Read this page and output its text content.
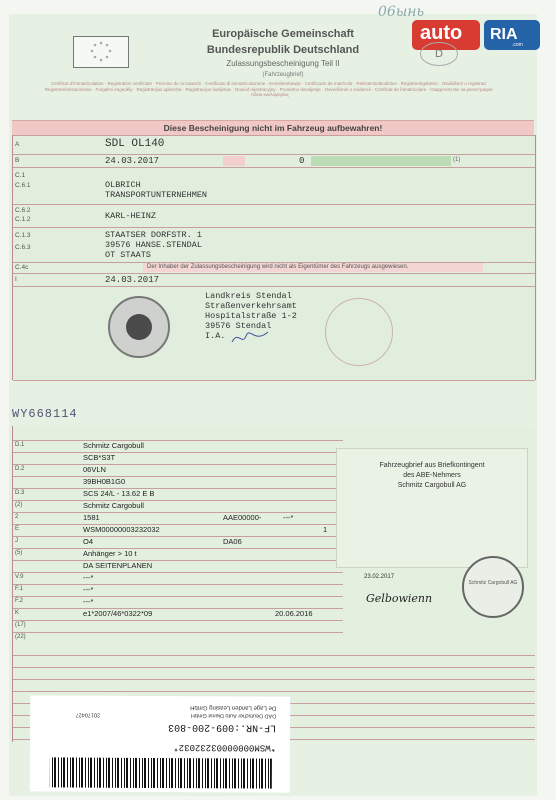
06ынь
auto RIA
.com
Europäische Gemeinschaft
Bundesrepublik Deutschland
Zulassungsbescheinigung Teil II
(Fahrzeugbrief)
D
Certificat d'immatriculation · Registration certificate · Permiso de circulación · Certificato di immatricolazione · Kentekenbewijs · Certificado de matrícula · Rekisteröintitodistus · Registreringsbevis · Osvědčení o registraci · Registreerimistunnistus · Forgalmi engedély · Reģistrācijas apliecība · Registracijos liudijimas · Dowód rejestracyjny · Prometno dovoljenje · Osvedčenie o evidencii · Certificat de înmatriculare · Свидетелство за регистрация · Άδεια κυκλοφορίας
Diese Bescheinigung nicht im Fahrzeug aufbewahren!
A	SDL OL140
B	24.03.2017	0	(1)
C.1
C.6.1	OLBRICH
TRANSPORTUNTERNEHMEN
C.6.2
C.1.2	KARL-HEINZ
C.1.3
C.6.3
STAATSER DORFSTR. 1
39576 HANSE.STENDAL
OT STAATS
C.4c	Der Inhaber der Zulassungsbescheinigung wird nicht als Eigentümer des Fahrzeugs ausgewiesen.
I	24.03.2017
Landkreis Stendal
Straßenverkehrsamt
Hospitalstraße 1-2
39576 Stendal
I.A.
WY668114
D.1	Schmitz Cargobull
SCB*S3T
D.2	06VLN
39BH0B1G0
D.3	SCS 24/L - 13.62 E B
(2)	Schmitz Cargobull
2	1581	AAE00000-	---*
E	WSM00000003232032	1
J	O4	DA06
(5)	Anhänger > 10 t
DA SEITENPLANEN
V.9	---*
F.1	---*
F.2	---*
K	e1*2007/46*0322*09	20.06.2016
(17)
(22)
Fahrzeugbrief aus Briefkontingent
des ABE-Nehmers
Schmitz Cargobull AG
23.02.2017
Gelbowienn
Schmitz Cargobull AG
De Lage Landen Leasing GmbH
DAD Deutscher Auto Dienst GmbH
LF-NR.:009-200-803
20170427
*WSM00000003232032*
